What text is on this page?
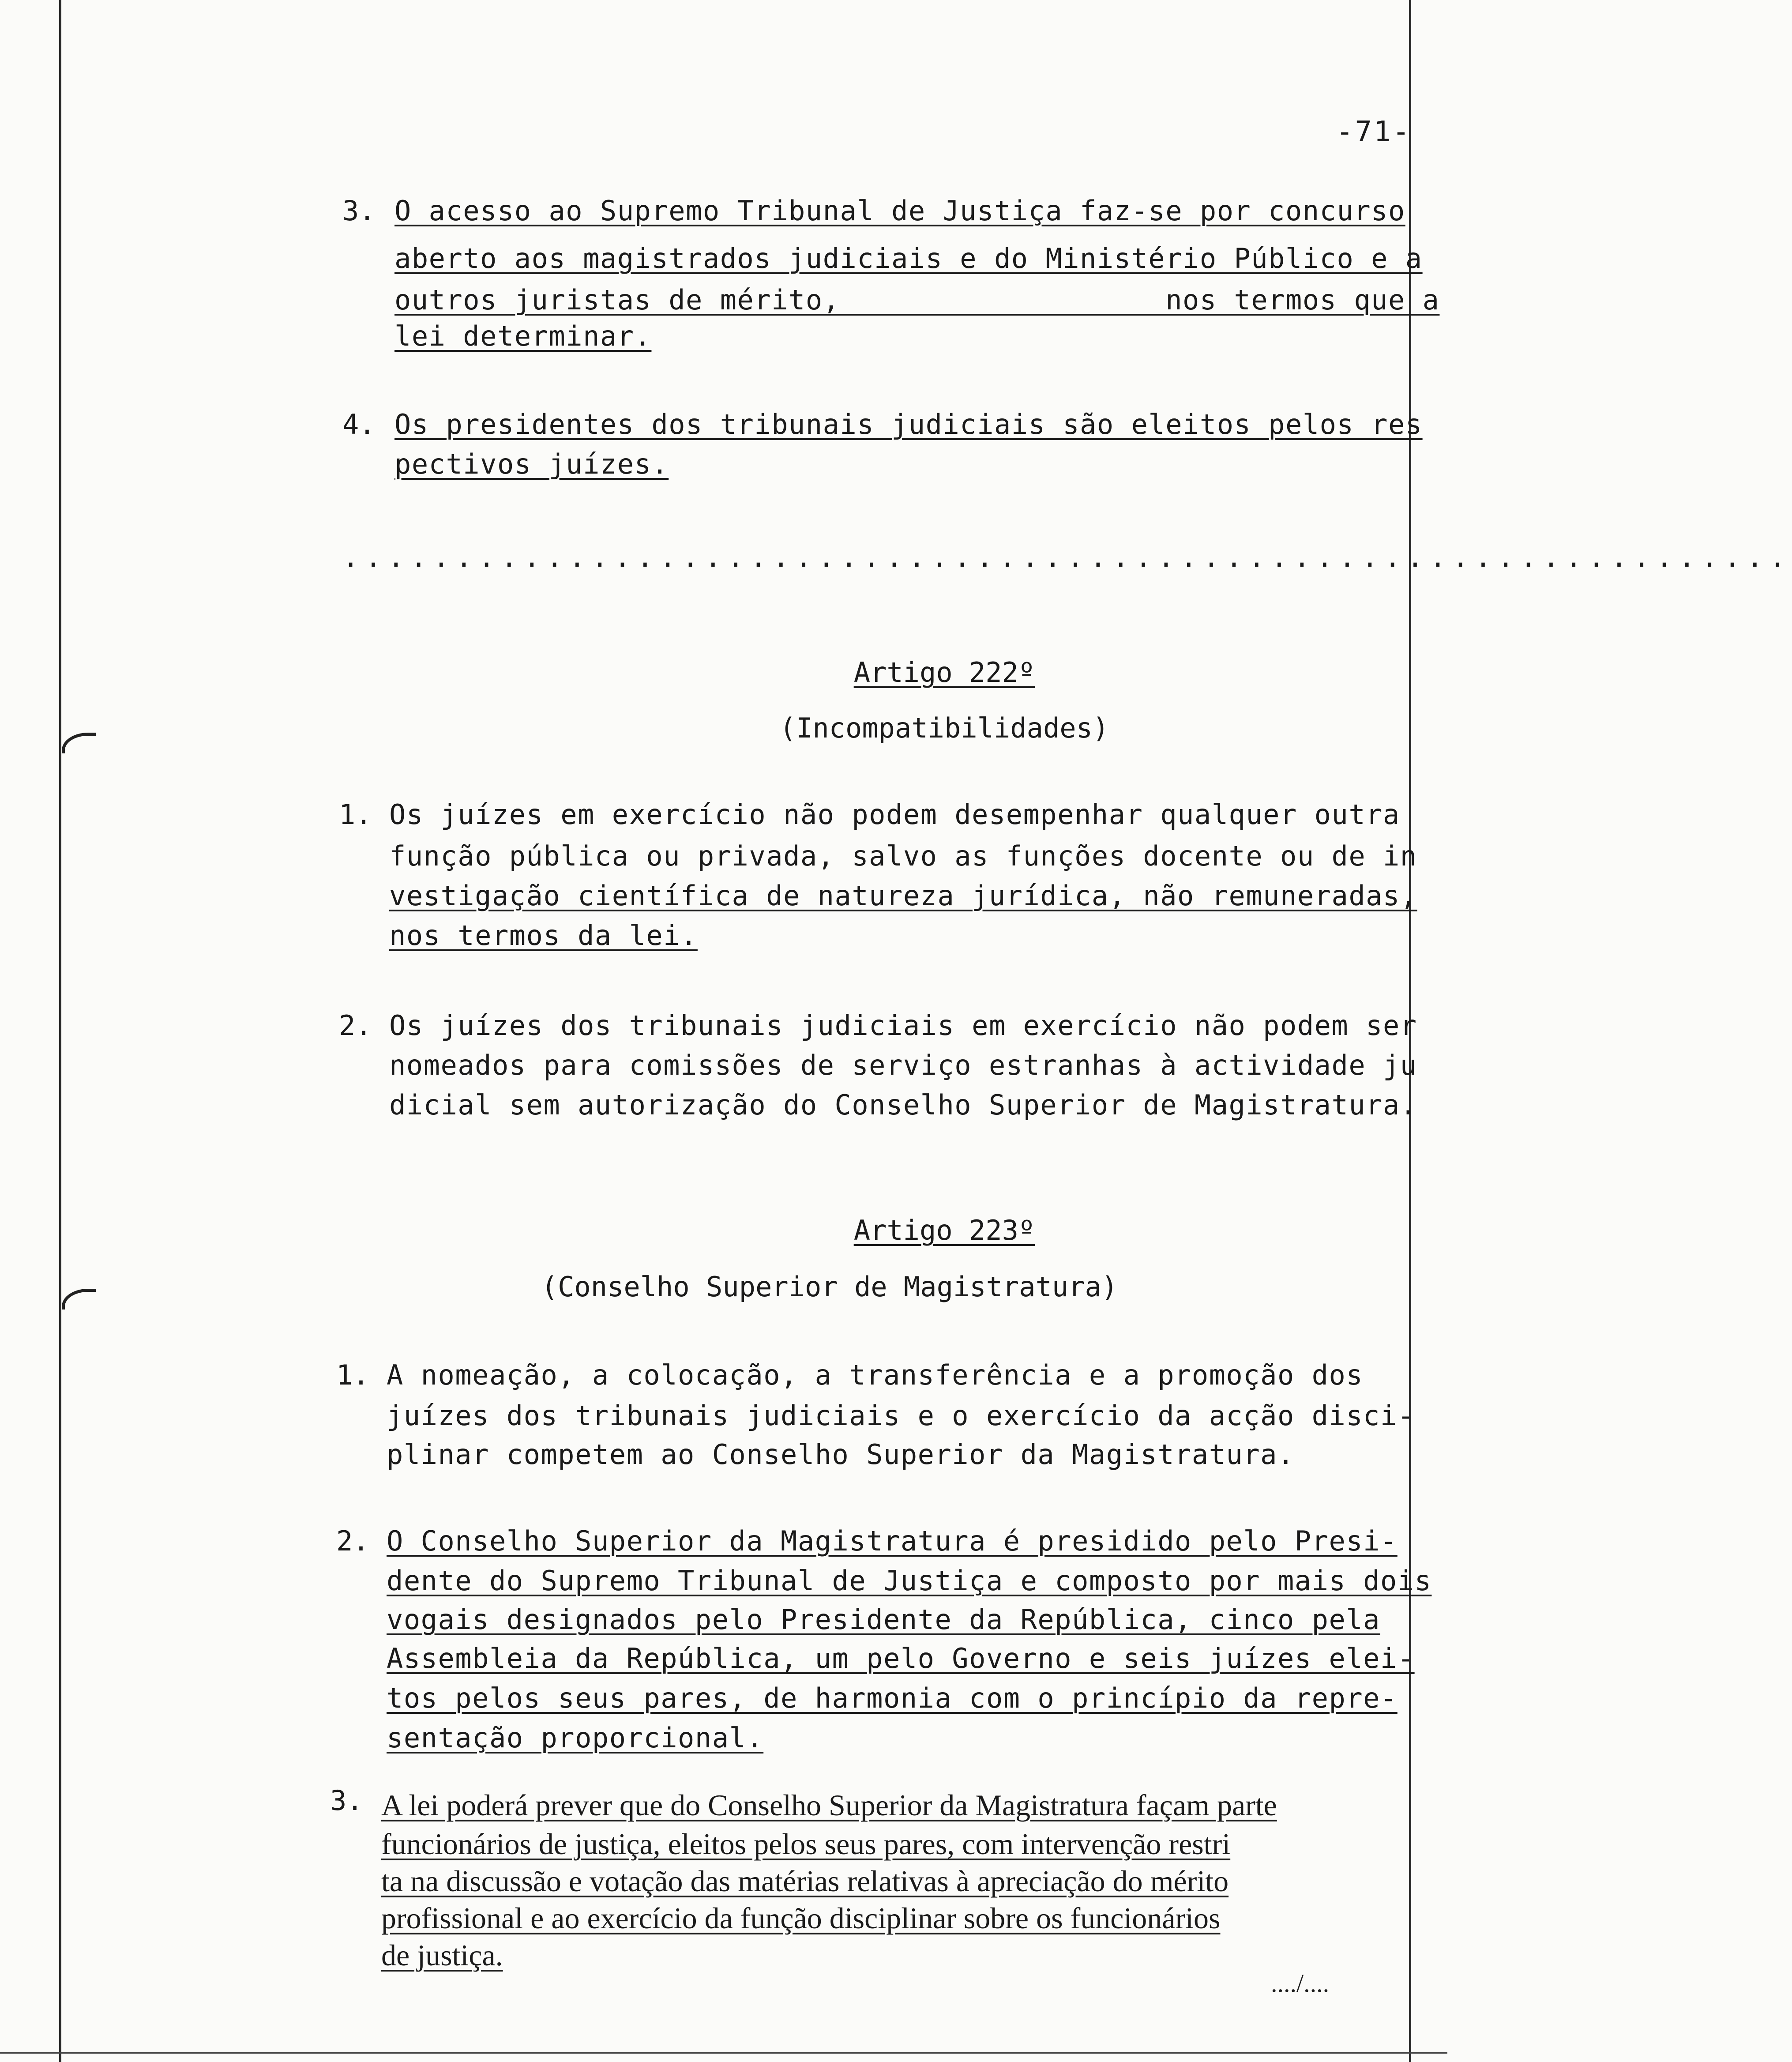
-71-
3. O acesso ao Supremo Tribunal de Justiça faz-se por concurso
aberto aos magistrados judiciais e do Ministério Público e a
outros juristas de mérito,                   nos termos que a
lei determinar.
4. Os presidentes dos tribunais judiciais são eleitos pelos res
pectivos juízes.
................................................................
Artigo 222º
(Incompatibilidades)
1. Os juízes em exercício não podem desempenhar qualquer outra
função pública ou privada, salvo as funções docente ou de in
vestigação científica de natureza jurídica, não remuneradas,
nos termos da lei.
2. Os juízes dos tribunais judiciais em exercício não podem ser
nomeados para comissões de serviço estranhas à actividade ju
dicial sem autorização do Conselho Superior de Magistratura.
Artigo 223º
(Conselho Superior de Magistratura)
1. A nomeação, a colocação, a transferência e a promoção dos
juízes dos tribunais judiciais e o exercício da acção disci-
plinar competem ao Conselho Superior da Magistratura.
2. O Conselho Superior da Magistratura é presidido pelo Presi-
dente do Supremo Tribunal de Justiça e composto por mais dois
vogais designados pelo Presidente da República, cinco pela
Assembleia da República, um pelo Governo e seis juízes elei-
tos pelos seus pares, de harmonia com o princípio da repre-
sentação proporcional.
3. A lei poderá prever que do Conselho Superior da Magistratura façam parte
funcionários de justiça, eleitos pelos seus pares, com intervenção restri
ta na discussão e votação das matérias relativas à apreciação do mérito
profissional e ao exercício da função disciplinar sobre os funcionários
de justiça.
..../....
